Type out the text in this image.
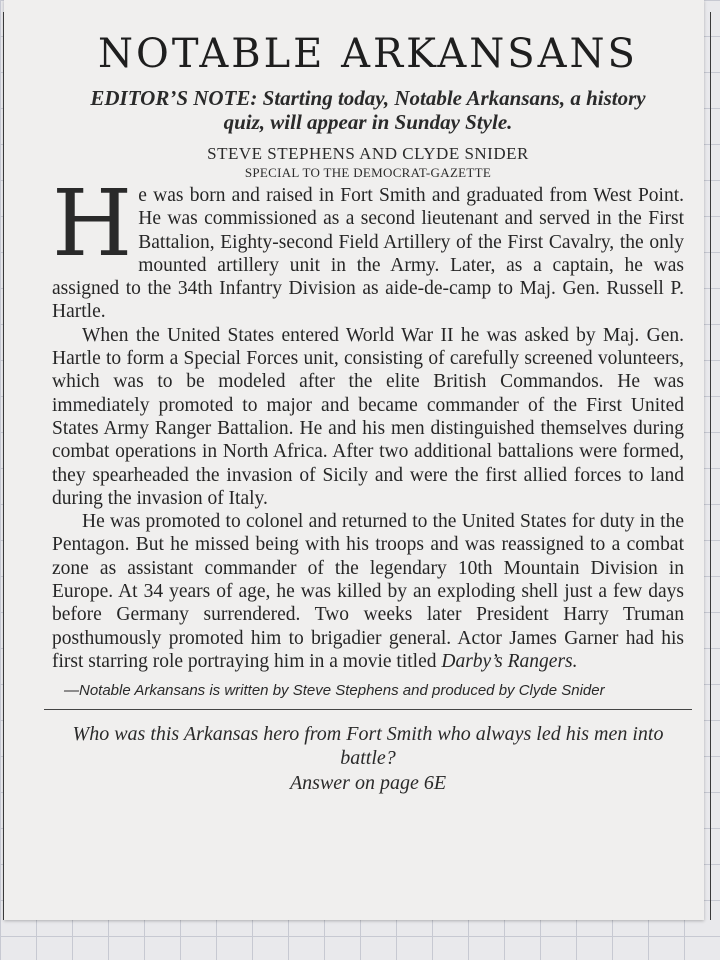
NOTABLE ARKANSANS
EDITOR’S NOTE: Starting today, Notable Arkansans, a history quiz, will appear in Sunday Style.
STEVE STEPHENS AND CLYDE SNIDER
SPECIAL TO THE DEMOCRAT-GAZETTE

He was born and raised in Fort Smith and graduated from West Point. He was commissioned as a second lieutenant and served in the First Battalion, Eighty-second Field Artillery of the First Cavalry, the only mounted artillery unit in the Army. Later, as a captain, he was assigned to the 34th Infantry Division as aide-de-camp to Maj. Gen. Russell P. Hartle.

When the United States entered World War II he was asked by Maj. Gen. Hartle to form a Special Forces unit, consisting of carefully screened volunteers, which was to be modeled after the elite British Commandos. He was immediately promoted to major and became commander of the First United States Army Ranger Battalion. He and his men distinguished themselves during combat operations in North Africa. After two additional battalions were formed, they spearheaded the invasion of Sicily and were the first allied forces to land during the invasion of Italy.

He was promoted to colonel and returned to the United States for duty in the Pentagon. But he missed being with his troops and was reassigned to a combat zone as assistant commander of the legendary 10th Mountain Division in Europe. At 34 years of age, he was killed by an exploding shell just a few days before Germany surrendered. Two weeks later President Harry Truman posthumously promoted him to brigadier general. Actor James Garner had his first starring role portraying him in a movie titled Darby’s Rangers.

—Notable Arkansans is written by Steve Stephens and produced by Clyde Snider
Who was this Arkansas hero from Fort Smith who always led his men into battle?
Answer on page 6E
